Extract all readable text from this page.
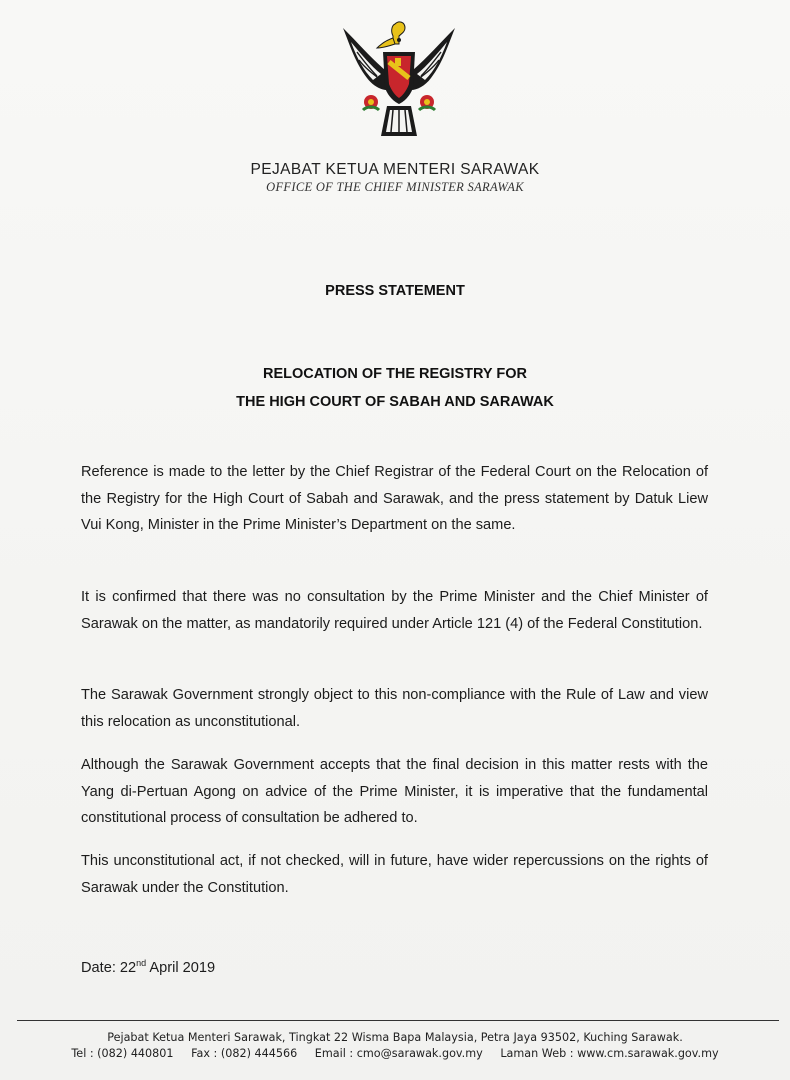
PEJABAT KETUA MENTERI SARAWAK
OFFICE OF THE CHIEF MINISTER SARAWAK
PRESS STATEMENT
RELOCATION OF THE REGISTRY FOR
THE HIGH COURT OF SABAH AND SARAWAK
Reference is made to the letter by the Chief Registrar of the Federal Court on the Relocation of the Registry for the High Court of Sabah and Sarawak, and the press statement by Datuk Liew Vui Kong, Minister in the Prime Minister’s Department on the same.
It is confirmed that there was no consultation by the Prime Minister and the Chief Minister of Sarawak on the matter, as mandatorily required under Article 121 (4) of the Federal Constitution.
The Sarawak Government strongly object to this non-compliance with the Rule of Law and view this relocation as unconstitutional.
Although the Sarawak Government accepts that the final decision in this matter rests with the Yang di-Pertuan Agong on advice of the Prime Minister, it is imperative that the fundamental constitutional process of consultation be adhered to.
This unconstitutional act, if not checked, will in future, have wider repercussions on the rights of Sarawak under the Constitution.
Date: 22nd April 2019
Pejabat Ketua Menteri Sarawak, Tingkat 22 Wisma Bapa Malaysia, Petra Jaya 93502, Kuching Sarawak.
Tel : (082) 440801 Fax : (082) 444566 Email : cmo@sarawak.gov.my Laman Web : www.cm.sarawak.gov.my
